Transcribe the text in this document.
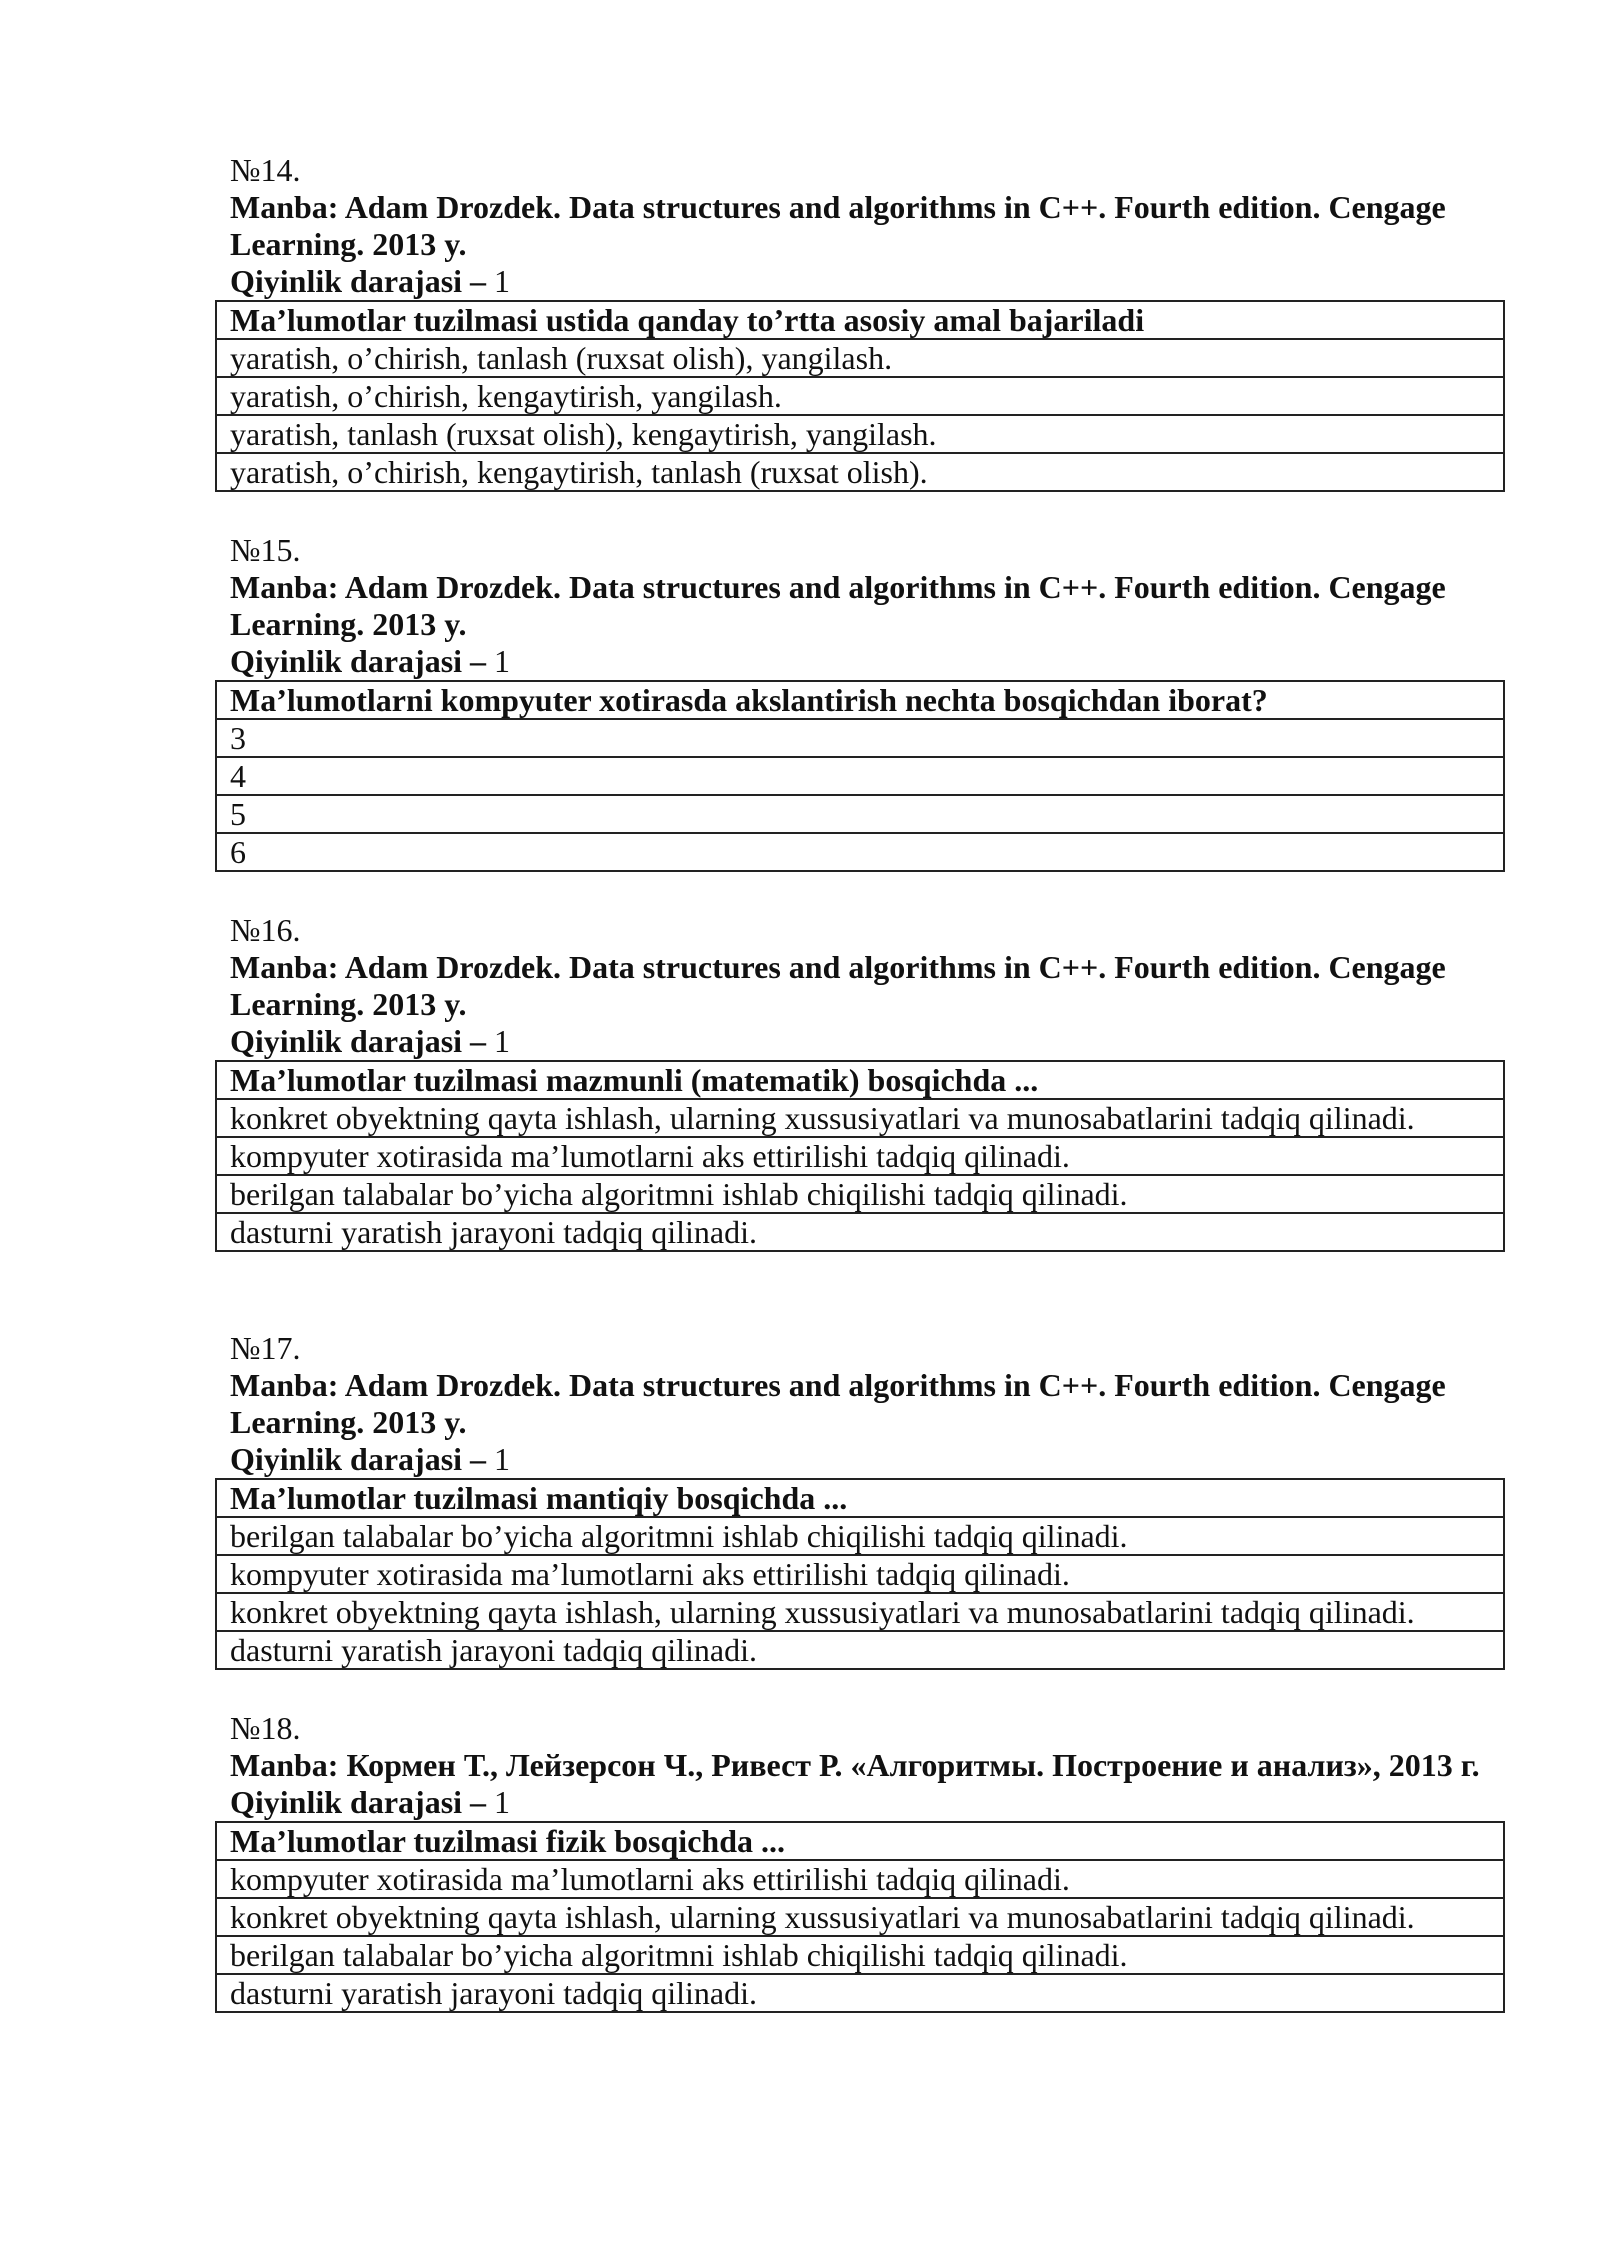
№14.
Manba: Adam Drozdek. Data structures and algorithms in C++. Fourth edition. Cengage Learning. 2013 y.
Qiyinlik darajasi – 1
Ma’lumotlar tuzilmasi ustida qanday to’rtta asosiy amal bajariladi
yaratish, o’chirish, tanlash (ruxsat olish), yangilash.
yaratish, o’chirish, kengaytirish, yangilash.
yaratish, tanlash (ruxsat olish), kengaytirish, yangilash.
yaratish, o’chirish, kengaytirish, tanlash (ruxsat olish).
№15.
Manba: Adam Drozdek. Data structures and algorithms in C++. Fourth edition. Cengage Learning. 2013 y.
Qiyinlik darajasi – 1
Ma’lumotlarni kompyuter xotirasda akslantirish nechta bosqichdan iborat?
3
4
5
6
№16.
Manba: Adam Drozdek. Data structures and algorithms in C++. Fourth edition. Cengage Learning. 2013 y.
Qiyinlik darajasi – 1
Ma’lumotlar tuzilmasi mazmunli (matematik) bosqichda ...
konkret obyektning qayta ishlash, ularning xussusiyatlari va munosabatlarini tadqiq qilinadi.
kompyuter xotirasida ma’lumotlarni aks ettirilishi tadqiq qilinadi.
berilgan talabalar bo’yicha algoritmni ishlab chiqilishi tadqiq qilinadi.
dasturni yaratish jarayoni tadqiq qilinadi.
№17.
Manba: Adam Drozdek. Data structures and algorithms in C++. Fourth edition. Cengage Learning. 2013 y.
Qiyinlik darajasi – 1
Ma’lumotlar tuzilmasi mantiqiy bosqichda ...
berilgan talabalar bo’yicha algoritmni ishlab chiqilishi tadqiq qilinadi.
kompyuter xotirasida ma’lumotlarni aks ettirilishi tadqiq qilinadi.
konkret obyektning qayta ishlash, ularning xussusiyatlari va munosabatlarini tadqiq qilinadi.
dasturni yaratish jarayoni tadqiq qilinadi.
№18.
Manba: Кормен Т., Лейзерсон Ч., Ривест Р. «Алгоритмы. Построение и анализ», 2013 г.
Qiyinlik darajasi – 1
Ma’lumotlar tuzilmasi fizik bosqichda ...
kompyuter xotirasida ma’lumotlarni aks ettirilishi tadqiq qilinadi.
konkret obyektning qayta ishlash, ularning xussusiyatlari va munosabatlarini tadqiq qilinadi.
berilgan talabalar bo’yicha algoritmni ishlab chiqilishi tadqiq qilinadi.
dasturni yaratish jarayoni tadqiq qilinadi.
